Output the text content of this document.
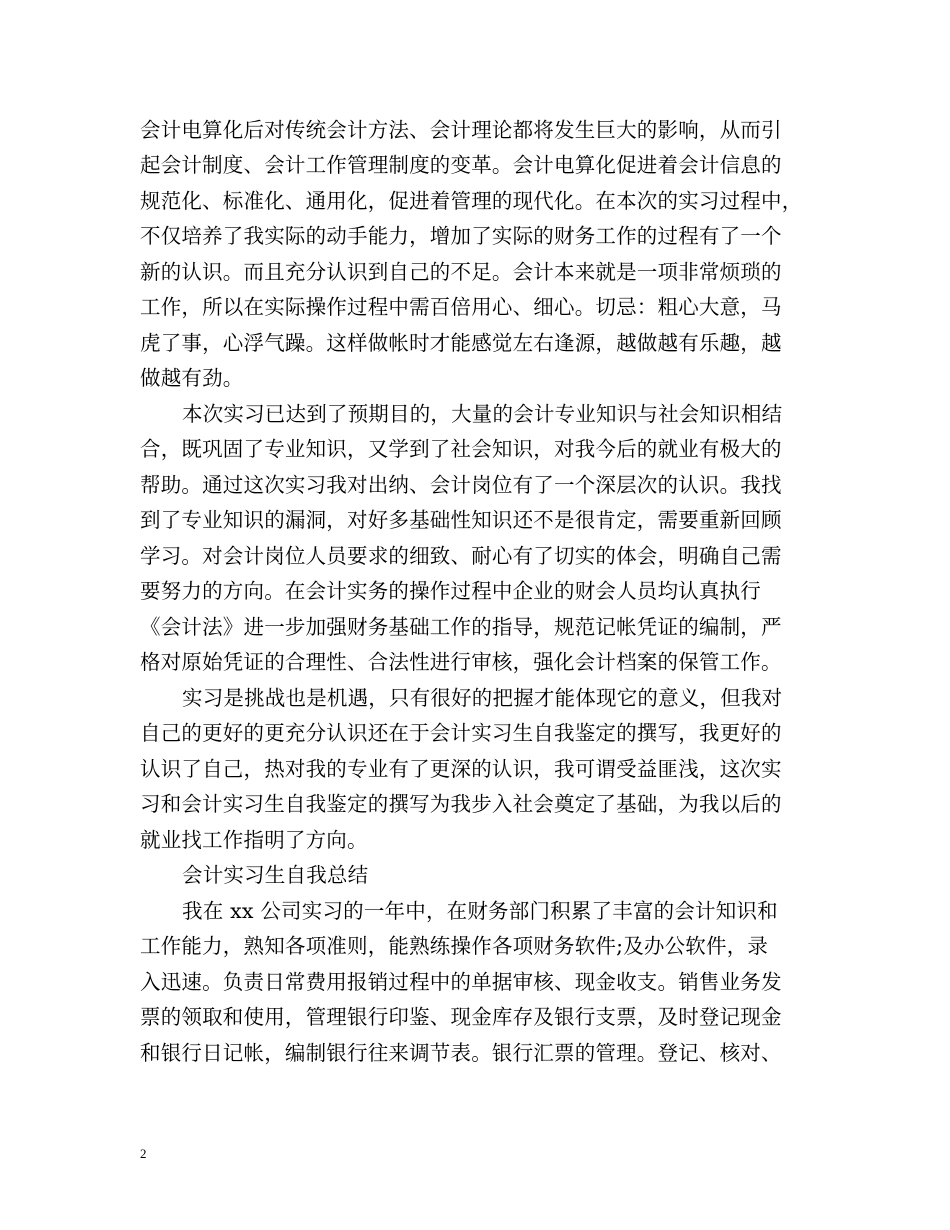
会计电算化后对传统会计方法、会计理论都将发生巨大的影响，从而引
起会计制度、会计工作管理制度的变革。会计电算化促进着会计信息的
规范化、标准化、通用化，促进着管理的现代化。在本次的实习过程中，
不仅培养了我实际的动手能力，增加了实际的财务工作的过程有了一个
新的认识。而且充分认识到自己的不足。会计本来就是一项非常烦琐的
工作，所以在实际操作过程中需百倍用心、细心。切忌：粗心大意，马
虎了事，心浮气躁。这样做帐时才能感觉左右逢源，越做越有乐趣，越
做越有劲。
本次实习已达到了预期目的，大量的会计专业知识与社会知识相结
合，既巩固了专业知识，又学到了社会知识，对我今后的就业有极大的
帮助。通过这次实习我对出纳、会计岗位有了一个深层次的认识。我找
到了专业知识的漏洞，对好多基础性知识还不是很肯定，需要重新回顾
学习。对会计岗位人员要求的细致、耐心有了切实的体会，明确自己需
要努力的方向。在会计实务的操作过程中企业的财会人员均认真执行
《会计法》进一步加强财务基础工作的指导，规范记帐凭证的编制，严
格对原始凭证的合理性、合法性进行审核，强化会计档案的保管工作。
实习是挑战也是机遇，只有很好的把握才能体现它的意义，但我对
自己的更好的更充分认识还在于会计实习生自我鉴定的撰写，我更好的
认识了自己，热对我的专业有了更深的认识，我可谓受益匪浅，这次实
习和会计实习生自我鉴定的撰写为我步入社会奠定了基础，为我以后的
就业找工作指明了方向。
会计实习生自我总结
我在 xx 公司实习的一年中，在财务部门积累了丰富的会计知识和
工作能力，熟知各项准则，能熟练操作各项财务软件;及办公软件，录
入迅速。负责日常费用报销过程中的单据审核、现金收支。销售业务发
票的领取和使用，管理银行印鉴、现金库存及银行支票，及时登记现金
和银行日记帐，编制银行往来调节表。银行汇票的管理。登记、核对、
2
